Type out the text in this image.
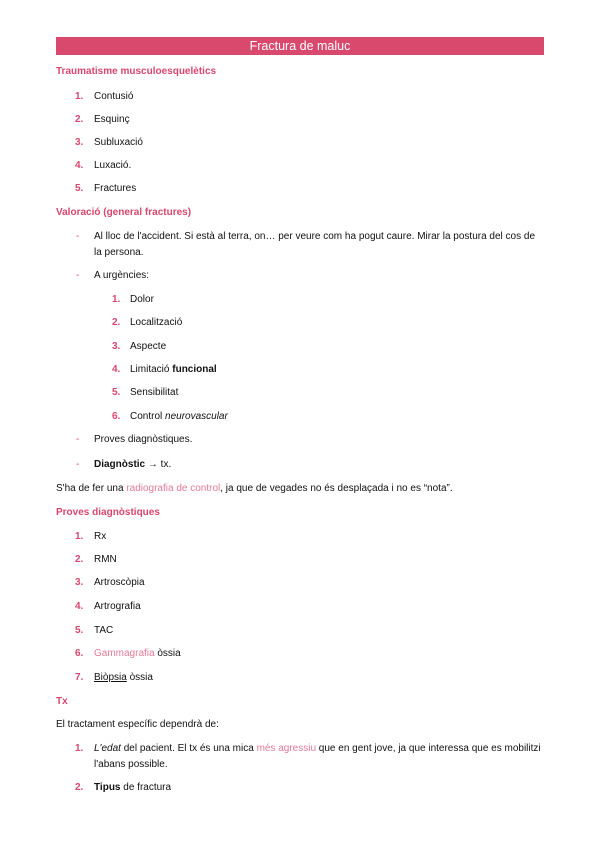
Fractura de maluc
Traumatisme musculoesquelètics
1. Contusió
2. Esquinç
3. Subluxació
4. Luxació.
5. Fractures
Valoració (general fractures)
- Al lloc de l'accident. Si està al terra, on… per veure com ha pogut caure. Mirar la postura del cos de
la persona.
- A urgències:
1. Dolor
2. Localització
3. Aspecte
4. Limitació funcional
5. Sensibilitat
6. Control neurovascular
- Proves diagnòstiques.
- Diagnòstic → tx.
S'ha de fer una radiografia de control, ja que de vegades no és desplaçada i no es “nota”.
Proves diagnòstiques
1. Rx
2. RMN
3. Artroscòpia
4. Artrografia
5. TAC
6. Gammagrafia òssia
7. Biòpsia òssia
Tx
El tractament específic dependrà de:
1. L'edat del pacient. El tx és una mica més agressiu que en gent jove, ja que interessa que es mobilitzi
l'abans possible.
2. Tipus de fractura
